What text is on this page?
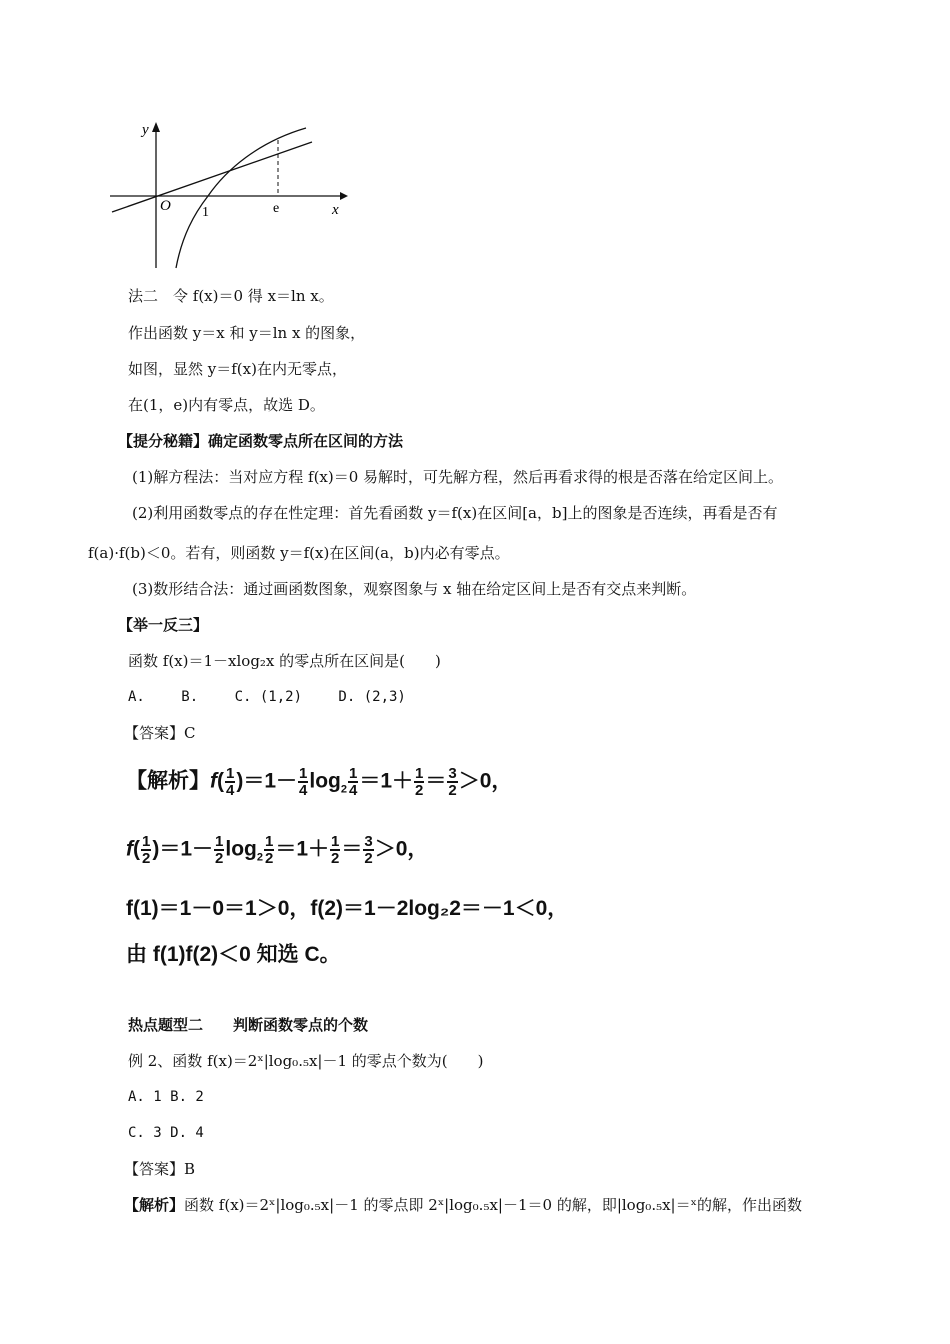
y
x
O 1	e
法二　令 f(x)＝0 得 x＝ln x。
作出函数 y＝x 和 y＝ln x 的图象，
如图，显然 y＝f(x)在内无零点，
在(1，e)内有零点，故选 D。
【提分秘籍】确定函数零点所在区间的方法
(1)解方程法：当对应方程 f(x)＝0 易解时，可先解方程，然后再看求得的根是否落在给定区间上。
(2)利用函数零点的存在性定理：首先看函数 y＝f(x)在区间[a，b]上的图象是否连续，再看是否有
f(a)·f(b)＜0。若有，则函数 y＝f(x)在区间(a，b)内必有零点。
(3)数形结合法：通过画函数图象，观察图象与 x 轴在给定区间上是否有交点来判断。
【举一反三】
函数 f(x)＝1－xlog₂x 的零点所在区间是(　　)
A.　　 B.　　 C. (1,2)　　 D. (2,3)
【答案】C
【解析】$f( \frac{1}{4} )=1- \frac{1}{4} \log_2 \frac{1}{4} =1+ \frac{1}{2} = \frac{3}{2} >0$，
$f( \frac{1}{2} )=1- \frac{1}{2} \log_2 \frac{1}{2} =1+ \frac{1}{2} = \frac{3}{2} >0$，
f(1)＝1－0＝1＞0，f(2)＝1－2log₂2＝－1＜0，
由 f(1)f(2)＜0 知选 C。
热点题型二　　判断函数零点的个数
例 2、函数 f(x)＝2ˣ|log₀.₅x|－1 的零点个数为(　　)
A. 1 B. 2
C. 3 D. 4
【答案】B
【解析】函数 f(x)＝2ˣ|log₀.₅x|－1 的零点即 2ˣ|log₀.₅x|－1＝0 的解，即|log₀.₅x|＝ˣ的解，作出函数
